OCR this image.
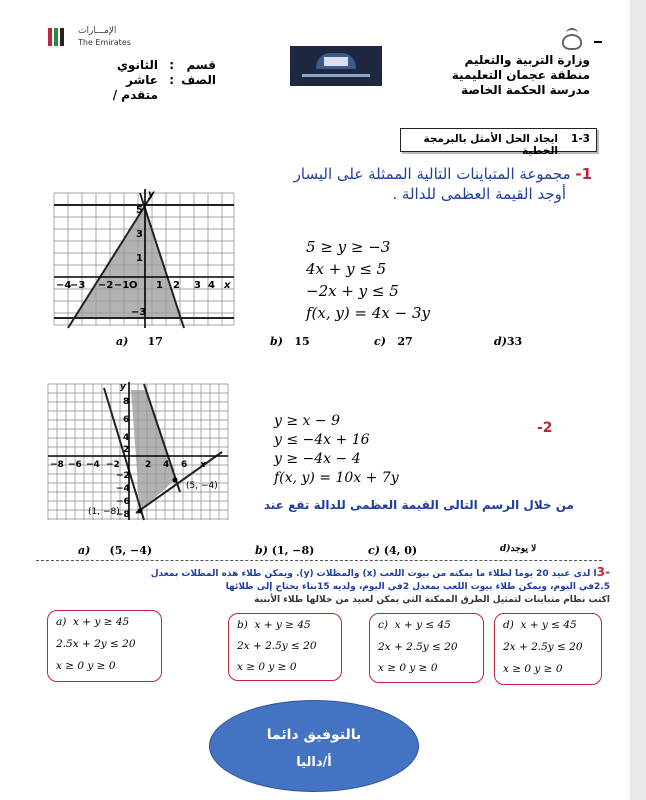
الإمـــارات
The Emirates
قسم
:
الثانوي
الصف
:
عاشر متقدم /
وزارة التربية والتعليم
منطقة عجمان التعليمية
مدرسة الحكمة الخاصة
1-3
ايجاد الحل الأمثل بالبرمجة الخطية
1- مجموعة المتباينات التالية الممثلة على اليسار
أوجد القيمة العظمى للدالة .
−4
−3 −2 −1 O 1 2 3 4 x
y
5
3
1
−3
5 ≥ y ≥ −3
4x + y ≤ 5
−2x + y ≤ 5
f(x, y) = 4x − 3y
a) 17	b) 15	c) 27	d)33
−8 −6 −4 −2	2 4 6 x
y
8
6
4
2
−2
−4
−6
−8
(5, −4)
(1, −8)
y ≥ x − 9
y ≤ −4x + 16
y ≥ −4x − 4
f(x, y) = 10x + 7y
-2
من خلال الرسم التالى القيمة العظمى للدالة تقع عند
a) (5, −4)	b) (1, −8)	c) (4, 0)	d)لا يوجد
-3ا لدى عبيد 20 يوما لطلاء ما يمكنه من بيوت اللعب (x) والمظلات (y). ويمكن طلاء هذه المظلات بمعدل
2.5في اليوم، ويمكن طلاء بيوت اللعب بمعدل 2في اليوم، ولديه 15بناء يحتاج إلى طلائها
اكتب نظام متباينات لتمثيل الطرق الممكنة التي يمكن لعبيد من خلالها طلاء الأبنية
a) x + y ≥ 45
2.5x + 2y ≤ 20
x ≥ 0 y ≥ 0
b) x + y ≥ 45
2x + 2.5y ≤ 20
x ≥ 0 y ≥ 0
c) x + y ≤ 45
2x + 2.5y ≤ 20
x ≥ 0 y ≥ 0
d) x + y ≤ 45
2x + 2.5y ≤ 20
x ≥ 0 y ≥ 0
بالتوفيق دائما
أ/داليا
